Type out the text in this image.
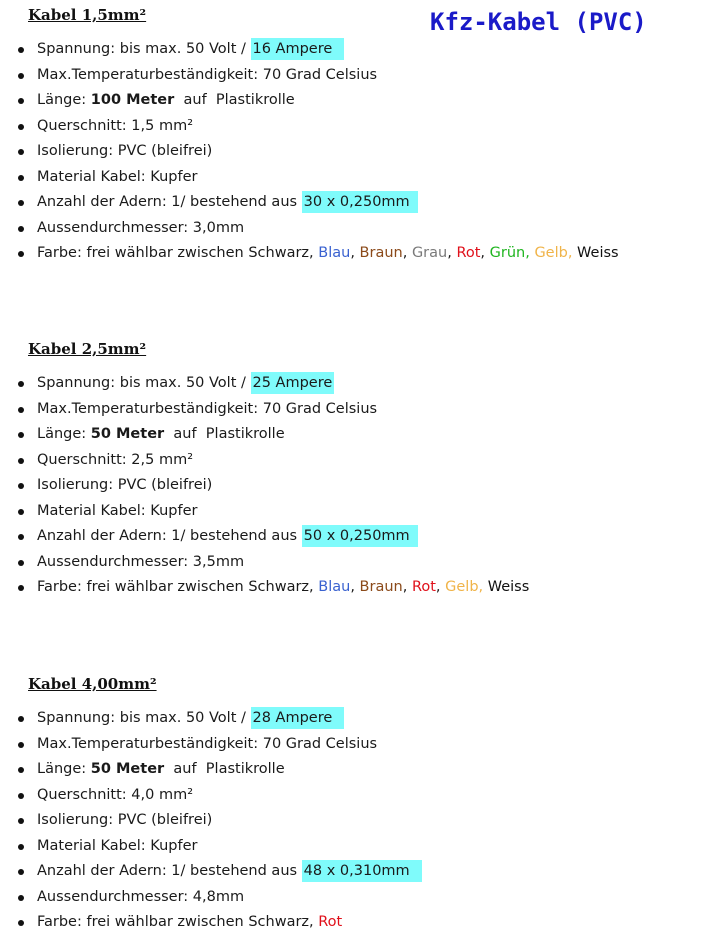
Kfz-Kabel (PVC)
Kabel 1,5mm²
Spannung: bis max. 50 Volt / 16 Ampere
Max.Temperaturbeständigkeit: 70 Grad Celsius
Länge: 100 Meter  auf  Plastikrolle
Querschnitt: 1,5 mm²
Isolierung: PVC (bleifrei)
Material Kabel: Kupfer
Anzahl der Adern: 1/ bestehend aus 30 x 0,250mm
Aussendurchmesser: 3,0mm
Farbe: frei wählbar zwischen Schwarz, Blau, Braun, Grau, Rot, Grün, Gelb, Weiss
Kabel 2,5mm²
Spannung: bis max. 50 Volt / 25 Ampere
Max.Temperaturbeständigkeit: 70 Grad Celsius
Länge: 50 Meter  auf  Plastikrolle
Querschnitt: 2,5 mm²
Isolierung: PVC (bleifrei)
Material Kabel: Kupfer
Anzahl der Adern: 1/ bestehend aus 50 x 0,250mm
Aussendurchmesser: 3,5mm
Farbe: frei wählbar zwischen Schwarz, Blau, Braun, Rot, Gelb, Weiss
Kabel 4,00mm²
Spannung: bis max. 50 Volt / 28 Ampere
Max.Temperaturbeständigkeit: 70 Grad Celsius
Länge: 50 Meter  auf  Plastikrolle
Querschnitt: 4,0 mm²
Isolierung: PVC (bleifrei)
Material Kabel: Kupfer
Anzahl der Adern: 1/ bestehend aus 48 x 0,310mm
Aussendurchmesser: 4,8mm
Farbe: frei wählbar zwischen Schwarz, Rot
